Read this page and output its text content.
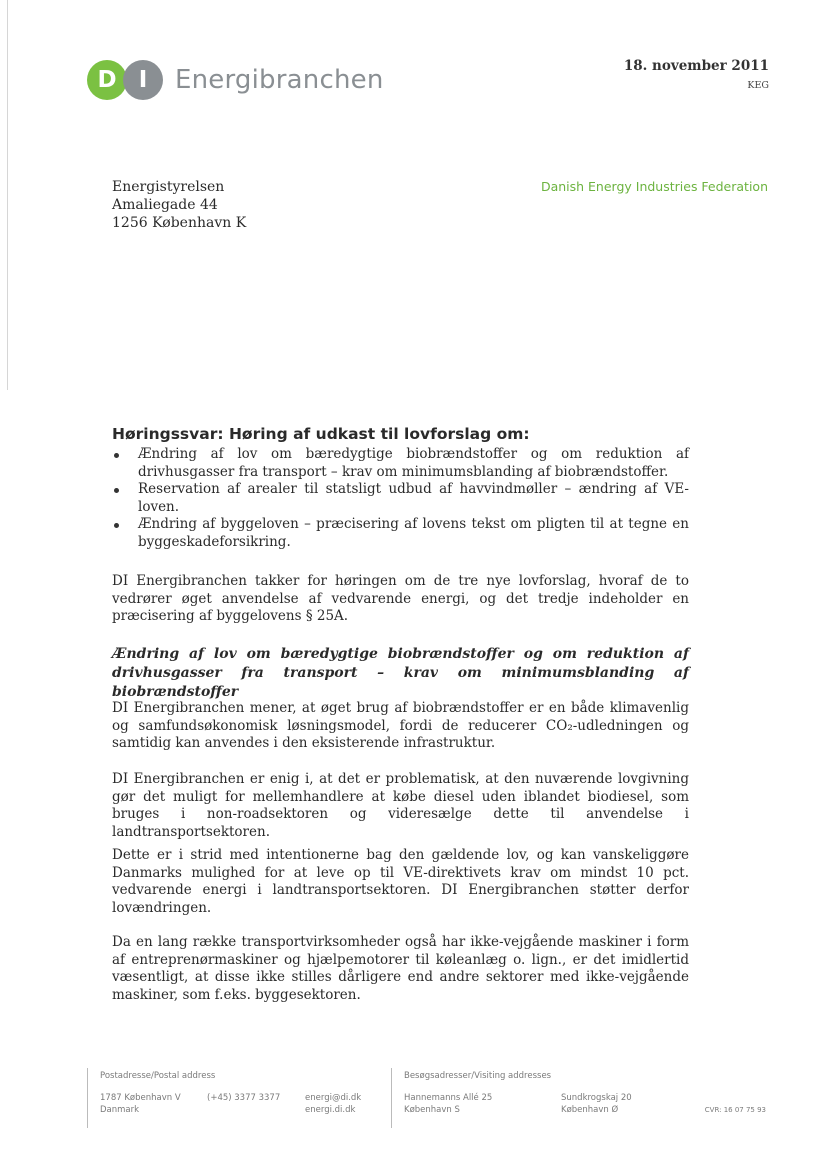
D I	Energibranchen	18. november 2011
KEG
Energistyrelsen
Amaliegade 44
1256 København K
Danish Energy Industries Federation
Høringssvar: Høring af udkast til lovforslag om:
Ændring af lov om bæredygtige biobrændstoffer og om reduktion af drivhusgasser fra transport – krav om minimumsblanding af biobrændstoffer.
Reservation af arealer til statsligt udbud af havvindmøller – ændring af VE-loven.
Ændring af byggeloven – præcisering af lovens tekst om pligten til at tegne en byggeskadeforsikring.

DI Energibranchen takker for høringen om de tre nye lovforslag, hvoraf de to vedrører øget anvendelse af vedvarende energi, og det tredje indeholder en præcisering af byggelovens § 25A.

Ændring af lov om bæredygtige biobrændstoffer og om reduktion af drivhusgasser fra transport – krav om minimumsblanding af biobrændstoffer

DI Energibranchen mener, at øget brug af biobrændstoffer er en både klimavenlig og samfundsøkonomisk løsningsmodel, fordi de reducerer CO₂-udledningen og samtidig kan anvendes i den eksisterende infrastruktur.

DI Energibranchen er enig i, at det er problematisk, at den nuværende lovgivning gør det muligt for mellemhandlere at købe diesel uden iblandet biodiesel, som bruges i non-roadsektoren og videresælge dette til anvendelse i landtransportsektoren.

Dette er i strid med intentionerne bag den gældende lov, og kan vanskeliggøre Danmarks mulighed for at leve op til VE-direktivets krav om mindst 10 pct. vedvarende energi i landtransportsektoren. DI Energibranchen støtter derfor lovændringen.

Da en lang række transportvirksomheder også har ikke-vejgående maskiner i form af entreprenørmaskiner og hjælpemotorer til køleanlæg o. lign., er det imidlertid væsentligt, at disse ikke stilles dårligere end andre sektorer med ikke-vejgående maskiner, som f.eks. byggesektoren.

Postadresse/Postal address
1787 København V
Danmark
(+45) 3377 3377	energi@di.dk
energi.di.dk
Besøgsadresser/Visiting addresses
Hannemanns Allé 25
København S
Sundkrogskaj 20
København Ø	CVR: 16 07 75 93
